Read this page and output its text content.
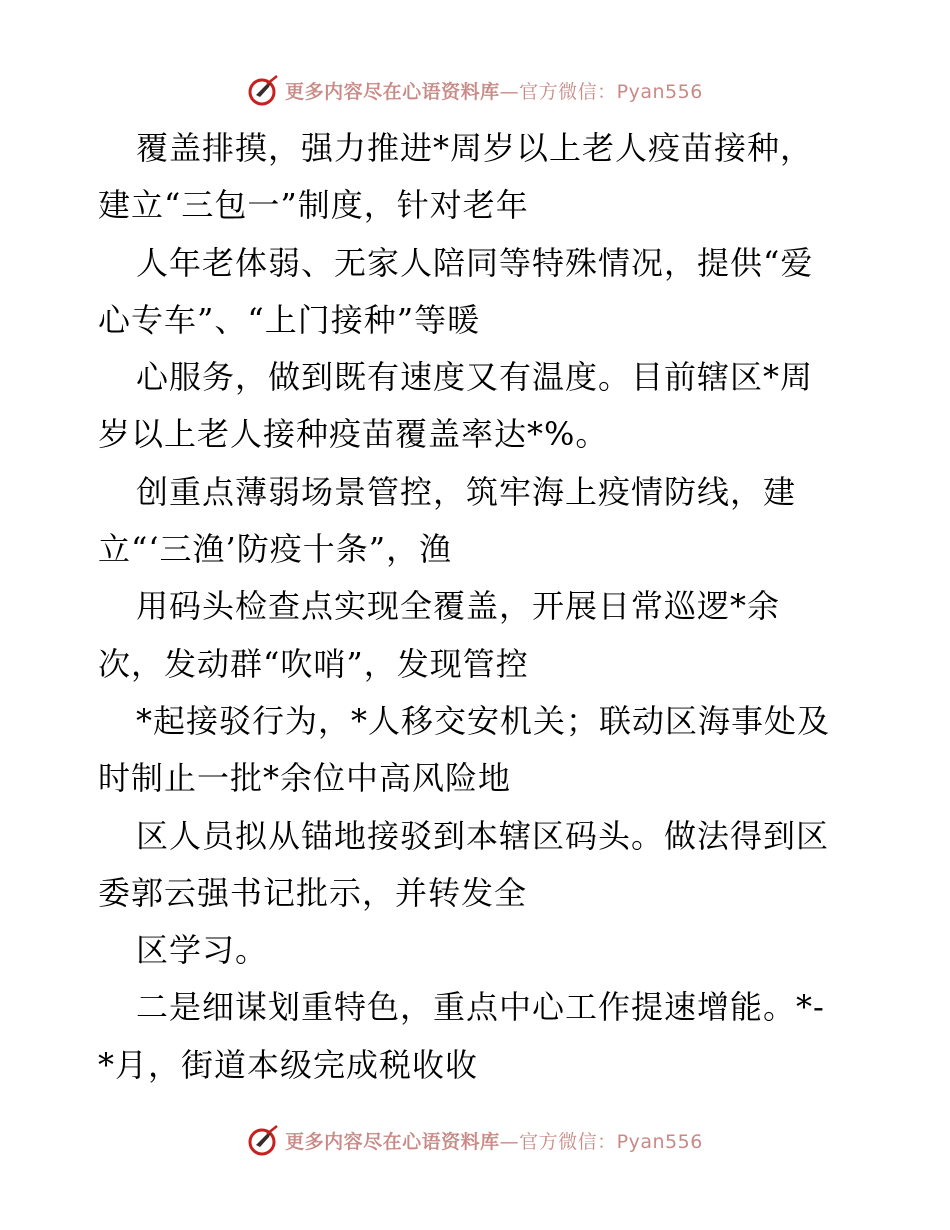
更多内容尽在心语资料库 —官方微信：Pyan556
覆盖排摸，强力推进*周岁以上老人疫苗接种，
建立“三包一”制度，针对老年
人年老体弱、无家人陪同等特殊情况，提供“爱
心专车”、“上门接种”等暖
心服务，做到既有速度又有温度。目前辖区*周
岁以上老人接种疫苗覆盖率达*%。
创重点薄弱场景管控，筑牢海上疫情防线，建
立“‘三渔’防疫十条”，渔
用码头检查点实现全覆盖，开展日常巡逻*余
次，发动群“吹哨”，发现管控
*起接驳行为，*人移交安机关；联动区海事处及
时制止一批*余位中高风险地
区人员拟从锚地接驳到本辖区码头。做法得到区
委郭云强书记批示，并转发全
区学习。
二是细谋划重特色，重点中心工作提速增能。*-
*月，街道本级完成税收收
更多内容尽在心语资料库 —官方微信：Pyan556
